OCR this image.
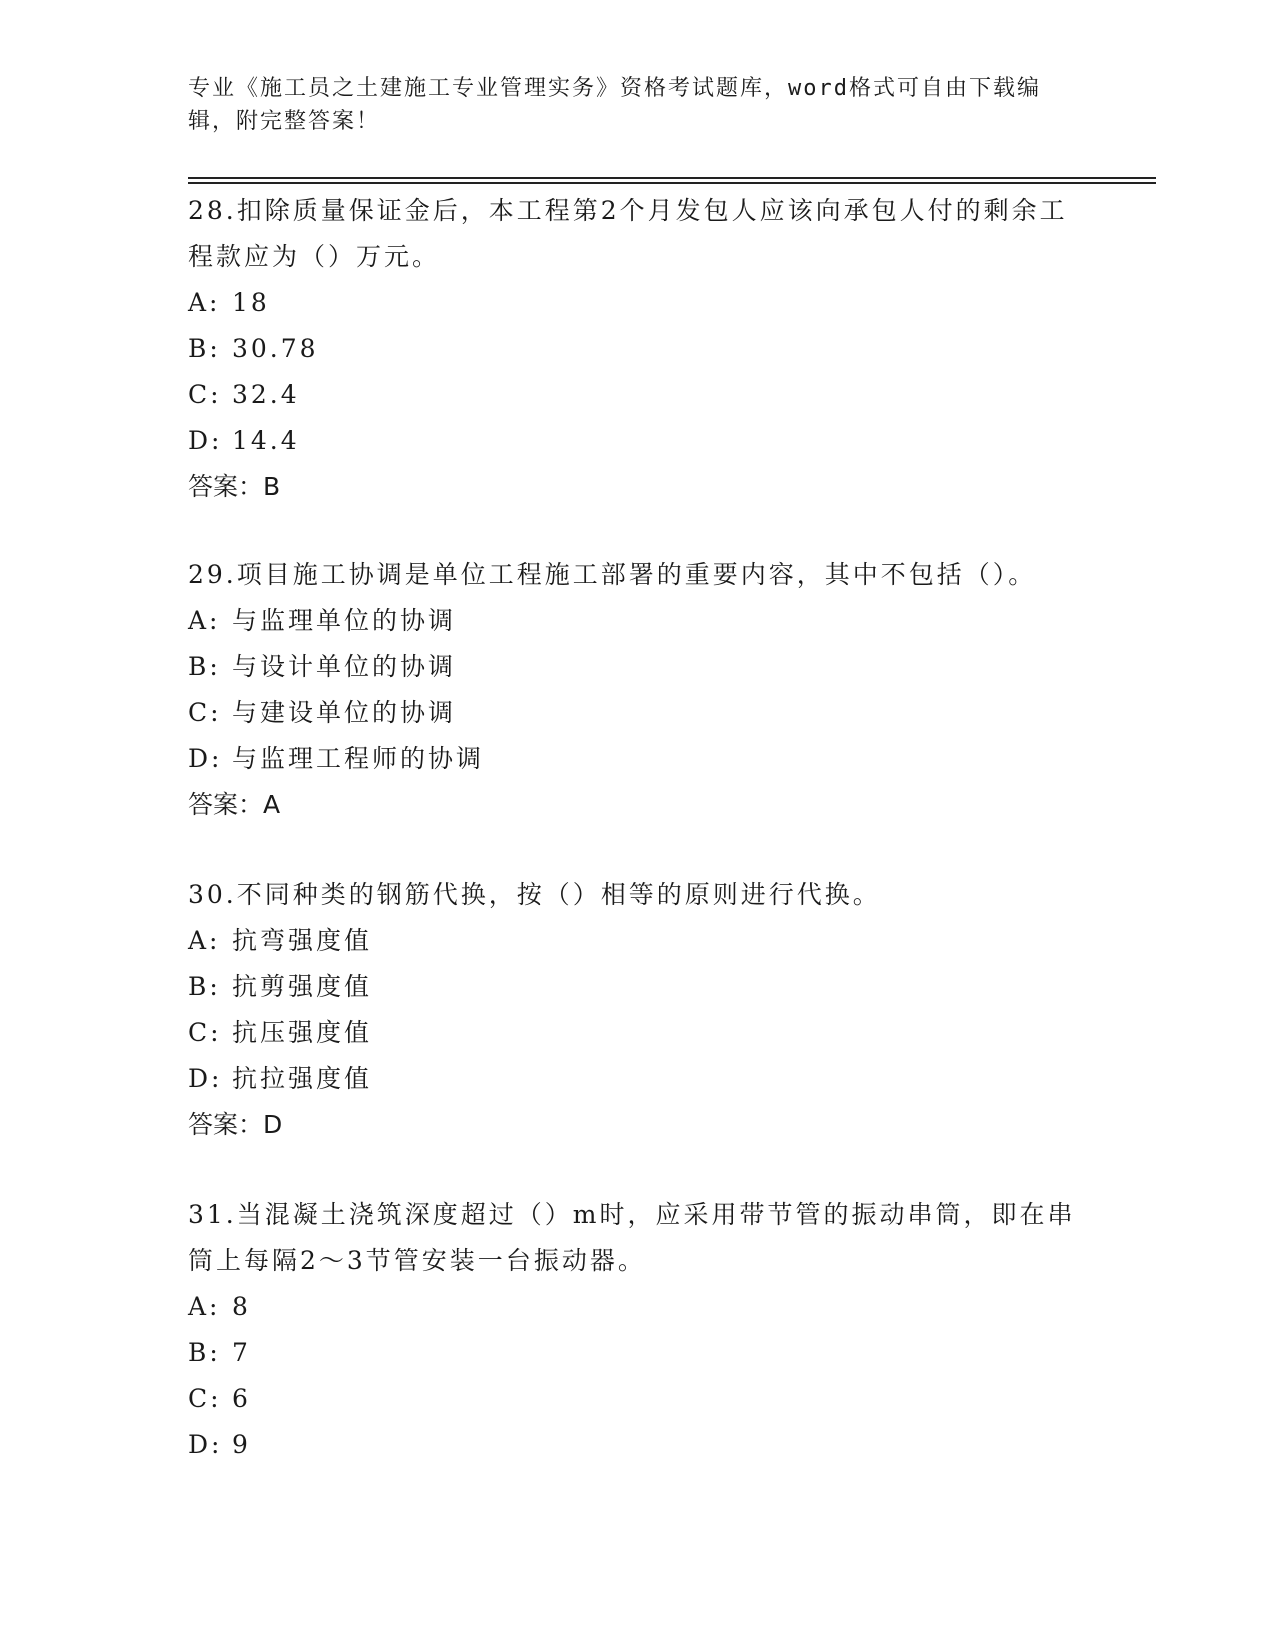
专业《施工员之土建施工专业管理实务》资格考试题库，word格式可自由下载编辑，附完整答案！

28.扣除质量保证金后，本工程第2个月发包人应该向承包人付的剩余工程款应为（）万元。

A: 18

B: 30.78

C: 32.4

D: 14.4

答案：B

29.项目施工协调是单位工程施工部署的重要内容，其中不包括（）。

A: 与监理单位的协调

B: 与设计单位的协调

C: 与建设单位的协调

D: 与监理工程师的协调

答案：A

30.不同种类的钢筋代换，按（）相等的原则进行代换。

A: 抗弯强度值

B: 抗剪强度值

C: 抗压强度值

D: 抗拉强度值

答案：D

31.当混凝土浇筑深度超过（）m时，应采用带节管的振动串筒，即在串筒上每隔2～3节管安装一台振动器。

A: 8

B: 7

C: 6

D: 9
